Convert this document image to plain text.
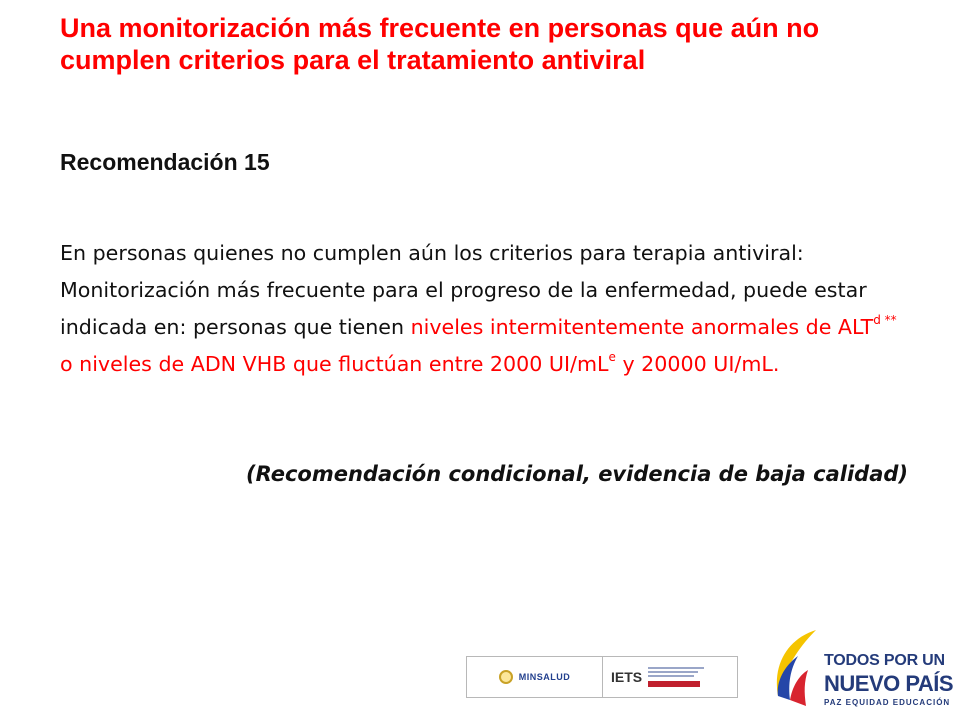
Una monitorización más frecuente en personas que aún no cumplen criterios para el tratamiento antiviral
Recomendación 15

En personas quienes no cumplen aún los criterios para terapia antiviral: Monitorización más frecuente para el progreso de la enfermedad, puede estar indicada en: personas que tienen niveles intermitentemente anormales de $ALT^{d **}$ o niveles de ADN VHB que fluctúan entre 2000 $UI/mL^e$ y 20000 UI/mL.

(Recomendación condicional, evidencia de baja calidad)

MINSALUD	IETS

TODOS POR UN

NUEVO PAÍS

PAZ EQUIDAD EDUCACIÓN
